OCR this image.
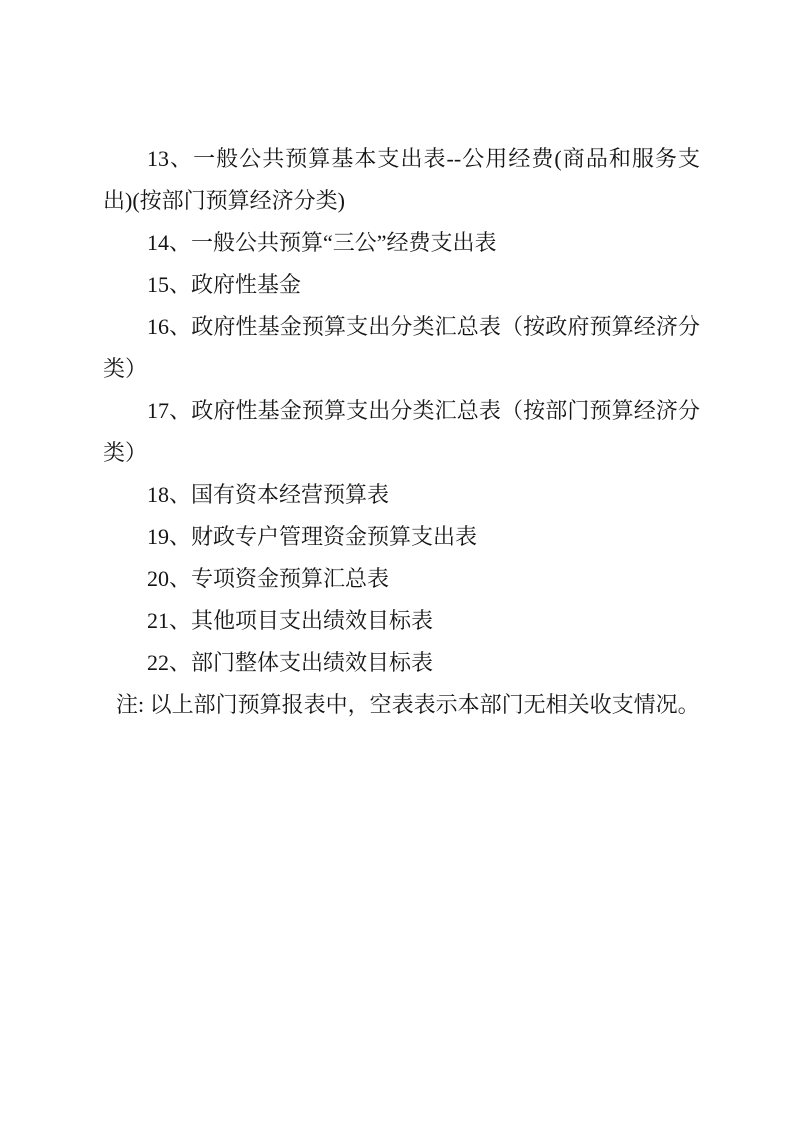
13、一般公共预算基本支出表--公用经费(商品和服务支出)(按部门预算经济分类)

14、一般公共预算“三公”经费支出表

15、政府性基金

16、政府性基金预算支出分类汇总表（按政府预算经济分类）

17、政府性基金预算支出分类汇总表（按部门预算经济分类）

18、国有资本经营预算表

19、财政专户管理资金预算支出表

20、专项资金预算汇总表

21、其他项目支出绩效目标表

22、部门整体支出绩效目标表

注: 以上部门预算报表中，空表表示本部门无相关收支情况。
